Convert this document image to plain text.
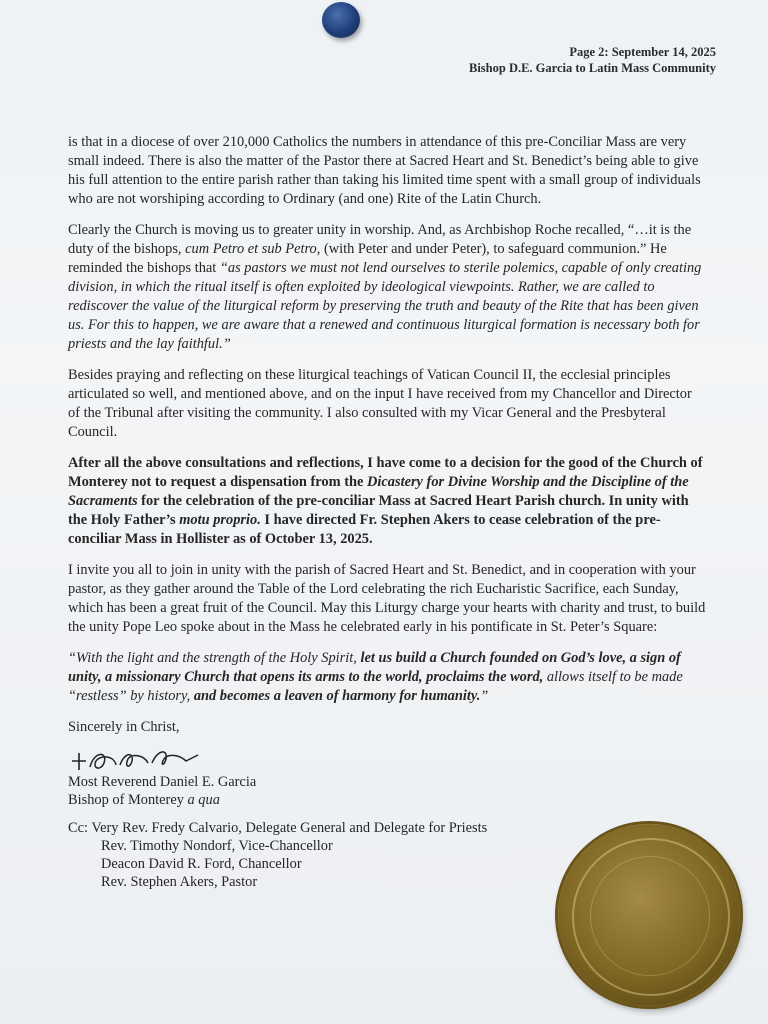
Page 2: September 14, 2025
Bishop D.E. Garcia to Latin Mass Community

is that in a diocese of over 210,000 Catholics the numbers in attendance of this pre-Conciliar Mass are very small indeed. There is also the matter of the Pastor there at Sacred Heart and St. Benedict’s being able to give his full attention to the entire parish rather than taking his limited time spent with a small group of individuals who are not worshiping according to Ordinary (and one) Rite of the Latin Church.

Clearly the Church is moving us to greater unity in worship. And, as Archbishop Roche recalled, “…it is the duty of the bishops, cum Petro et sub Petro, (with Peter and under Peter), to safeguard communion.” He reminded the bishops that “as pastors we must not lend ourselves to sterile polemics, capable of only creating division, in which the ritual itself is often exploited by ideological viewpoints. Rather, we are called to rediscover the value of the liturgical reform by preserving the truth and beauty of the Rite that has been given us. For this to happen, we are aware that a renewed and continuous liturgical formation is necessary both for priests and the lay faithful.”

Besides praying and reflecting on these liturgical teachings of Vatican Council II, the ecclesial principles articulated so well, and mentioned above, and on the input I have received from my Chancellor and Director of the Tribunal after visiting the community. I also consulted with my Vicar General and the Presbyteral Council.

After all the above consultations and reflections, I have come to a decision for the good of the Church of Monterey not to request a dispensation from the Dicastery for Divine Worship and the Discipline of the Sacraments for the celebration of the pre-conciliar Mass at Sacred Heart Parish church. In unity with the Holy Father’s motu proprio. I have directed Fr. Stephen Akers to cease celebration of the pre-conciliar Mass in Hollister as of October 13, 2025.

I invite you all to join in unity with the parish of Sacred Heart and St. Benedict, and in cooperation with your pastor, as they gather around the Table of the Lord celebrating the rich Eucharistic Sacrifice, each Sunday, which has been a great fruit of the Council. May this Liturgy charge your hearts with charity and trust, to build the unity Pope Leo spoke about in the Mass he celebrated early in his pontificate in St. Peter’s Square:

“With the light and the strength of the Holy Spirit, let us build a Church founded on God’s love, a sign of unity, a missionary Church that opens its arms to the world, proclaims the word, allows itself to be made “restless” by history, and becomes a leaven of harmony for humanity.”

Sincerely in Christ,
Most Reverend Daniel E. Garcia
Bishop of Monterey a qua
Cc: Very Rev. Fredy Calvario, Delegate General and Delegate for Priests
Rev. Timothy Nondorf, Vice-Chancellor
Deacon David R. Ford, Chancellor
Rev. Stephen Akers, Pastor
